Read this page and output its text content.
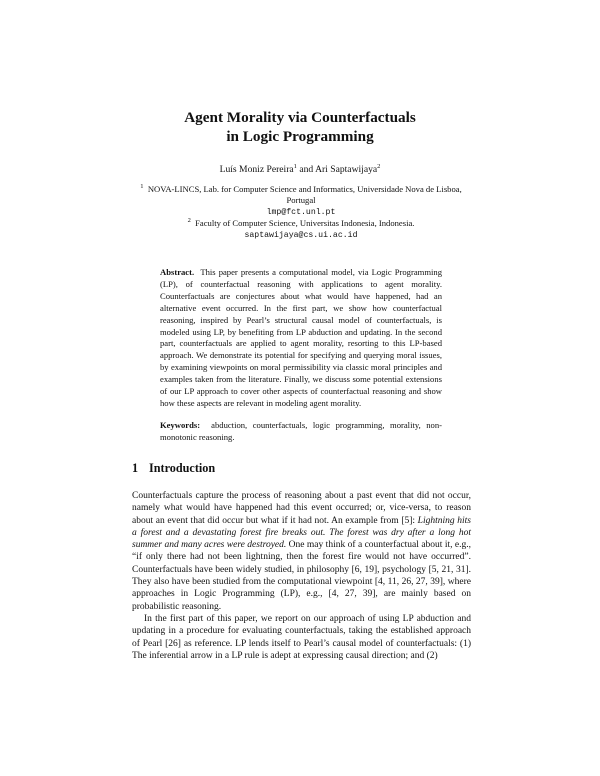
Agent Morality via Counterfactuals
in Logic Programming
Luís Moniz Pereira$^1$ and Ari Saptawijaya$^2$
$^1$ NOVA-LINCS, Lab. for Computer Science and Informatics, Universidade Nova de Lisboa,
Portugal
lmp@fct.unl.pt
$^2$ Faculty of Computer Science, Universitas Indonesia, Indonesia.
saptawijaya@cs.ui.ac.id
Abstract. This paper presents a computational model, via Logic Programming (LP), of counterfactual reasoning with applications to agent morality. Counterfactuals are conjectures about what would have happened, had an alternative event occurred. In the first part, we show how counterfactual reasoning, inspired by Pearl’s structural causal model of counterfactuals, is modeled using LP, by benefiting from LP abduction and updating. In the second part, counterfactuals are applied to agent morality, resorting to this LP-based approach. We demonstrate its potential for specifying and querying moral issues, by examining viewpoints on moral permissibility via classic moral principles and examples taken from the literature. Finally, we discuss some potential extensions of our LP approach to cover other aspects of counterfactual reasoning and show how these aspects are relevant in modeling agent morality.
Keywords: abduction, counterfactuals, logic programming, morality, non-monotonic reasoning.
1 Introduction

Counterfactuals capture the process of reasoning about a past event that did not occur, namely what would have happened had this event occurred; or, vice-versa, to reason about an event that did occur but what if it had not. An example from [5]: Lightning hits a forest and a devastating forest fire breaks out. The forest was dry after a long hot summer and many acres were destroyed. One may think of a counterfactual about it, e.g., “if only there had not been lightning, then the forest fire would not have occurred”. Counterfactuals have been widely studied, in philosophy [6, 19], psychology [5, 21, 31]. They also have been studied from the computational viewpoint [4, 11, 26, 27, 39], where approaches in Logic Programming (LP), e.g., [4, 27, 39], are mainly based on probabilistic reasoning.

In the first part of this paper, we report on our approach of using LP abduction and updating in a procedure for evaluating counterfactuals, taking the established approach of Pearl [26] as reference. LP lends itself to Pearl’s causal model of counterfactuals: (1) The inferential arrow in a LP rule is adept at expressing causal direction; and (2)
